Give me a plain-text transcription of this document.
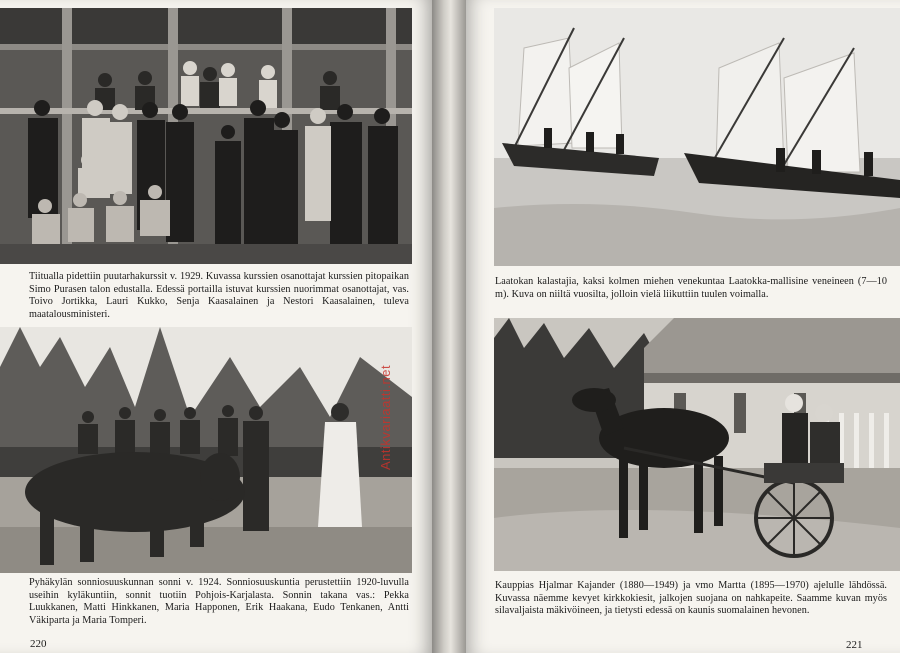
Tiitualla pidettiin puutarhakurssit v. 1929. Kuvassa kurssien osanottajat kurssien pitopaikan Simo Purasen talon edustalla. Edessä portailla istuvat kurssien nuorimmat osanottajat, vas. Toivo Jortikka, Lauri Kukko, Senja Kaasalainen ja Nestori Kaasalainen, tuleva maatalousministeri.
Pyhäkylän sonniosuuskunnan sonni v. 1924. Sonniosuuskuntia perustettiin 1920-luvulla useihin kyläkuntiin, sonnit tuotiin Pohjois-Karjalasta. Sonnin takana vas.: Pekka Luukkanen, Matti Hinkkanen, Maria Happonen, Erik Haakana, Eudo Tenkanen, Antti Väkiparta ja Maria Tomperi.
220
Antikvariaatti.net
Laatokan kalastajia, kaksi kolmen miehen venekuntaa Laatokka-mallisine veneineen (7—10 m). Kuva on niiltä vuosilta, jolloin vielä liikuttiin tuulen voimalla.
Kauppias Hjalmar Kajander (1880—1949) ja vmo Martta (1895—1970) ajelulle lähdössä. Kuvassa näemme kevyet kirkkokiesit, jalkojen suojana on nahkapeite. Saamme kuvan myös silavaljaista mäkivöineen, ja tietysti edessä on kaunis suomalainen hevonen.
221
